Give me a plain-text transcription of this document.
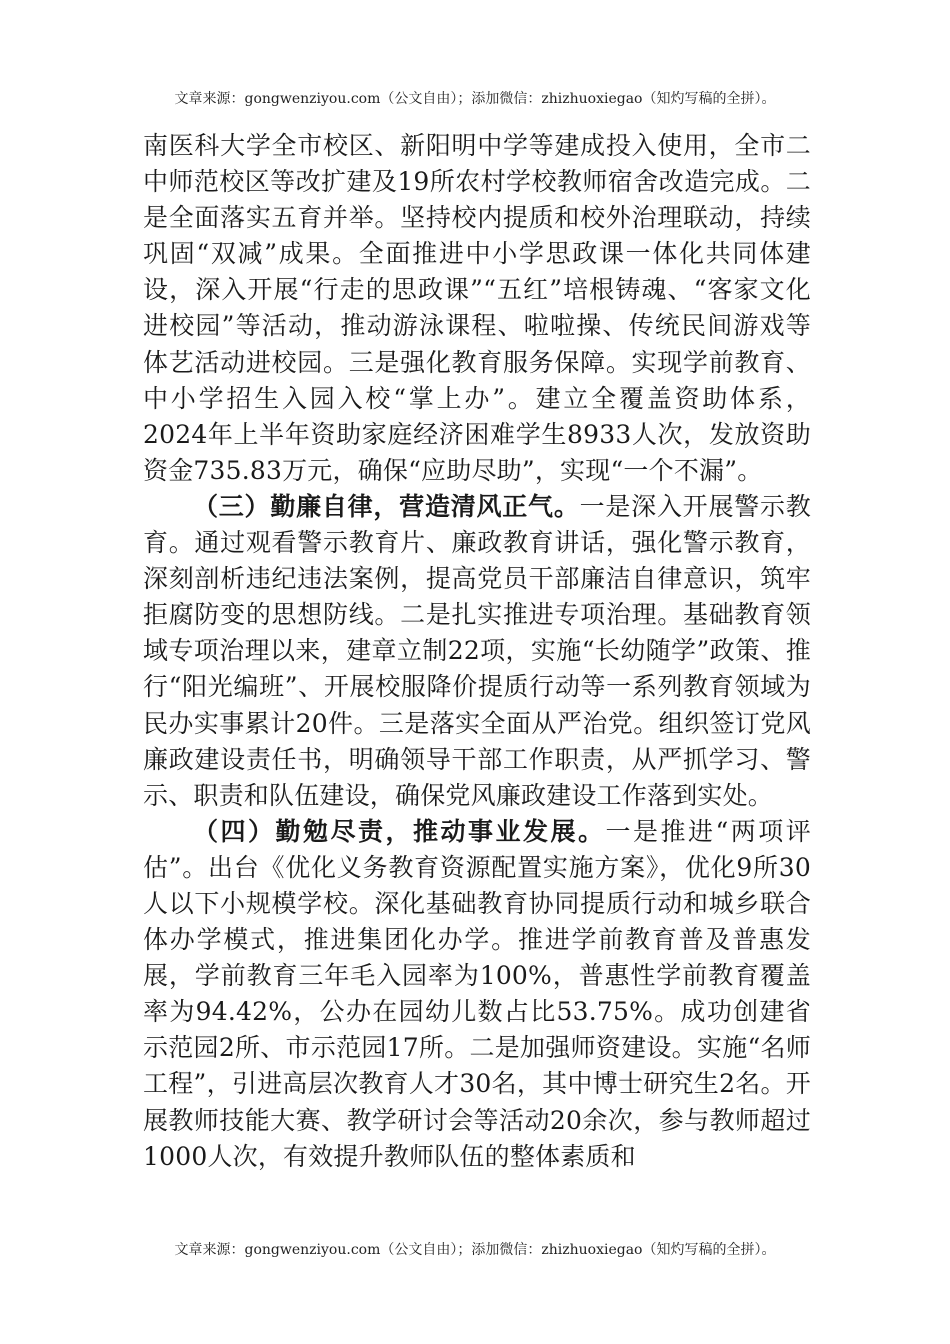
文章来源：gongwenziyou.com（公文自由）；添加微信：zhizhuoxiegao（知灼写稿的全拼）。

南医科大学全市校区、新阳明中学等建成投入使用，全市二中师范校区等改扩建及19所农村学校教师宿舍改造完成。二是全面落实五育并举。坚持校内提质和校外治理联动，持续巩固“双减”成果。全面推进中小学思政课一体化共同体建设，深入开展“行走的思政课”“五红”培根铸魂、“客家文化进校园”等活动，推动游泳课程、啦啦操、传统民间游戏等体艺活动进校园。三是强化教育服务保障。实现学前教育、中小学招生入园入校“掌上办”。建立全覆盖资助体系，2024年上半年资助家庭经济困难学生8933人次，发放资助资金735.83万元，确保“应助尽助”，实现“一个不漏”。

（三）勤廉自律，营造清风正气。一是深入开展警示教育。通过观看警示教育片、廉政教育讲话，强化警示教育，深刻剖析违纪违法案例，提高党员干部廉洁自律意识，筑牢拒腐防变的思想防线。二是扎实推进专项治理。基础教育领域专项治理以来，建章立制22项，实施“长幼随学”政策、推行“阳光编班”、开展校服降价提质行动等一系列教育领域为民办实事累计20件。三是落实全面从严治党。组织签订党风廉政建设责任书，明确领导干部工作职责，从严抓学习、警示、职责和队伍建设，确保党风廉政建设工作落到实处。

（四）勤勉尽责，推动事业发展。一是推进“两项评估”。出台《优化义务教育资源配置实施方案》，优化9所30人以下小规模学校。深化基础教育协同提质行动和城乡联合体办学模式，推进集团化办学。推进学前教育普及普惠发展，学前教育三年毛入园率为100%，普惠性学前教育覆盖率为94.42%，公办在园幼儿数占比53.75%。成功创建省示范园2所、市示范园17所。二是加强师资建设。实施“名师工程”，引进高层次教育人才30名，其中博士研究生2名。开展教师技能大赛、教学研讨会等活动20余次，参与教师超过1000人次，有效提升教师队伍的整体素质和

文章来源：gongwenziyou.com（公文自由）；添加微信：zhizhuoxiegao（知灼写稿的全拼）。
